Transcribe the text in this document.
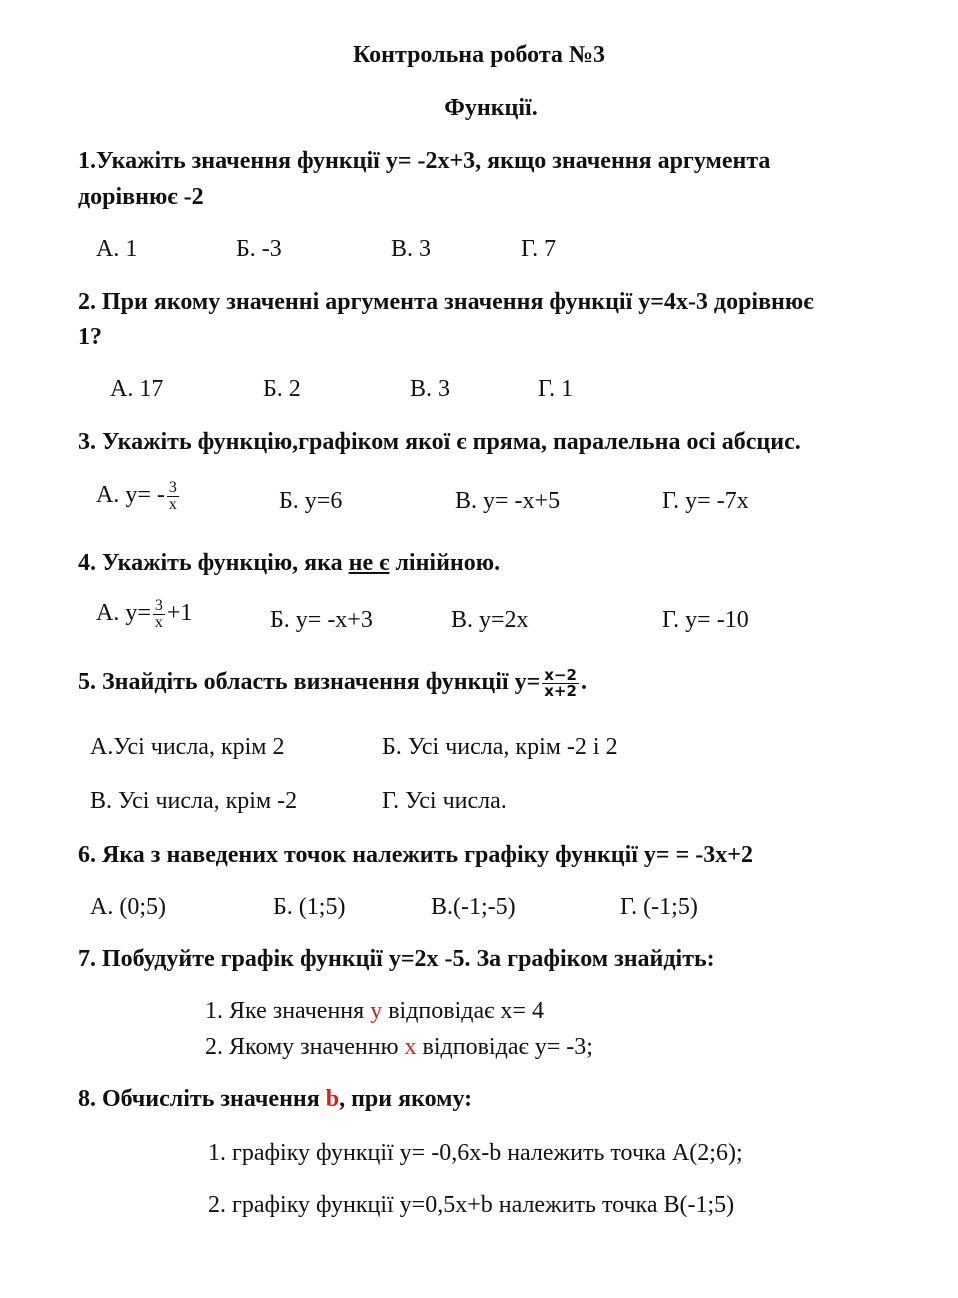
Контрольна робота №3
Функції.
1.Укажіть значення функції y= -2x+3, якщо значення аргумента
дорівнює -2
А. 1	Б. -3	В. 3	Г. 7
2. При якому значенні аргумента значення функції y=4x-3 дорівнює
1?
А. 17	Б. 2	В. 3	Г. 1
3. Укажіть функцію,графіком якої є пряма, паралельна осі абсцис.
А. $y= - \frac{3}{x}$	Б. y=6	В. y= -x+5	Г. y= -7x
4. Укажіть функцію, яка не є лінійною.
А. $y= \frac{3}{x} +1$	Б. y= -x+3	В. y=2x	Г. y= -10
5. Знайдіть область визначення функції $y= \frac{x-2}{x+2}$ .
А.Усі числа, крім 2	Б. Усі числа, крім -2 і 2
В. Усі числа, крім -2	Г. Усі числа.
6. Яка з наведених точок належить графіку функції y= = -3x+2
А. (0;5)	Б. (1;5)	В.(-1;-5)	Г. (-1;5)
7. Побудуйте графік функції y=2x -5. За графіком знайдіть:
1. Яке значення y відповідає x= 4
2. Якому значенню x відповідає y= -3;
8. Обчисліть значення b, при якому:
1. графіку функції y= -0,6x-b належить точка A(2;6);
2. графіку функції y=0,5x+b належить точка B(-1;5)
